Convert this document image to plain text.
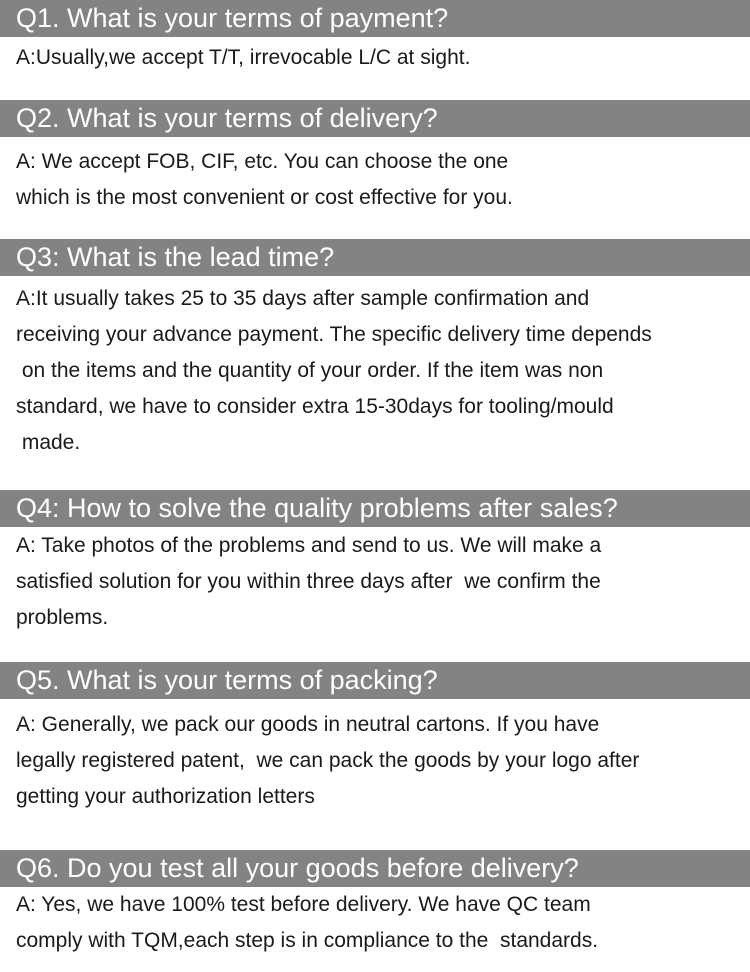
Q1. What is your terms of payment?
A:Usually,we accept T/T, irrevocable L/C at sight.
Q2. What is your terms of delivery?
A: We accept FOB, CIF, etc. You can choose the one
which is the most convenient or cost effective for you.
Q3: What is the lead time?
A:It usually takes 25 to 35 days after sample confirmation and
receiving your advance payment. The specific delivery time depends
on the items and the quantity of your order. If the item was non
standard, we have to consider extra 15-30days for tooling/mould
made.
Q4: How to solve the quality problems after sales?
A: Take photos of the problems and send to us. We will make a
satisfied solution for you within three days after  we confirm the
problems.
Q5. What is your terms of packing?
A: Generally, we pack our goods in neutral cartons. If you have
legally registered patent,  we can pack the goods by your logo after
getting your authorization letters
Q6. Do you test all your goods before delivery?
A: Yes, we have 100% test before delivery. We have QC team
comply with TQM,each step is in compliance to the  standards.
